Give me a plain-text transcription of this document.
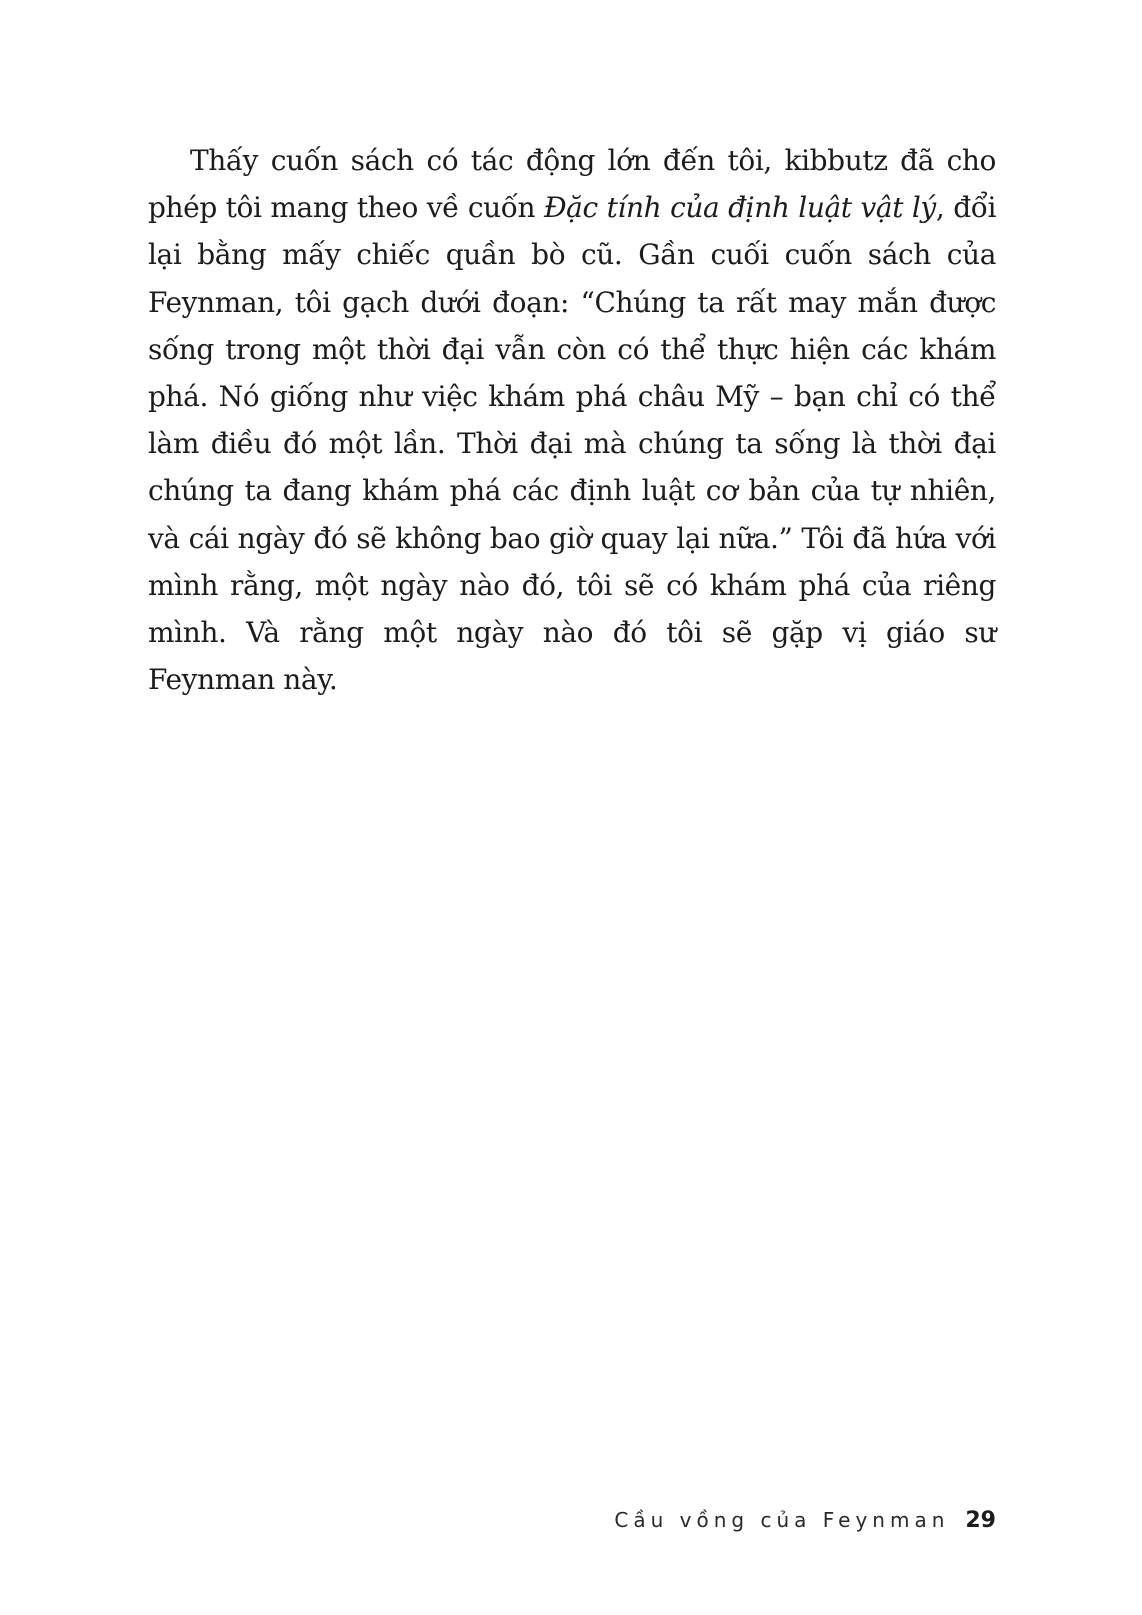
Thấy cuốn sách có tác động lớn đến tôi, kibbutz đã cho phép tôi mang theo về cuốn Đặc tính của định luật vật lý, đổi lại bằng mấy chiếc quần bò cũ. Gần cuối cuốn sách của Feynman, tôi gạch dưới đoạn: “Chúng ta rất may mắn được sống trong một thời đại vẫn còn có thể thực hiện các khám phá. Nó giống như việc khám phá châu Mỹ – bạn chỉ có thể làm điều đó một lần. Thời đại mà chúng ta sống là thời đại chúng ta đang khám phá các định luật cơ bản của tự nhiên, và cái ngày đó sẽ không bao giờ quay lại nữa.” Tôi đã hứa với mình rằng, một ngày nào đó, tôi sẽ có khám phá của riêng mình. Và rằng một ngày nào đó tôi sẽ gặp vị giáo sư Feynman này.

Cầu vồng của Feynman 29
